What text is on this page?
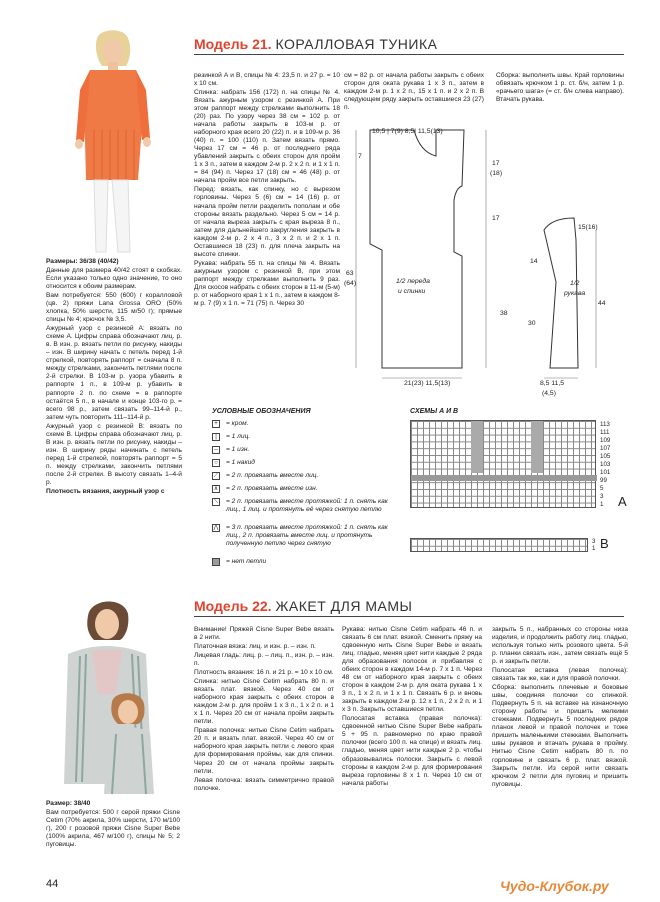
Модель 21. КОРАЛЛОВАЯ ТУНИКА

Размеры: 36/38 (40/42)

Данные для размера 40/42 стоят в скобках. Если указано только одно значение, то оно относится к обоим размерам.

Вам потребуется: 550 (600) г коралловой (цв. 2) пряжи Lana Grossa ORO (50% хлопка, 50% шерсти, 115 м/50 г); прямые спицы № 4; крючок № 3,5.

Ажурный узор с резинкой А: вязать по схеме А. Цифры справа обозначают лиц. р. в. В изн. р. вязать петли по рисунку, накиды – изн. В ширину начать с петель перед 1-й стрелкой, повторять раппорт = сначала 8 п. между стрелками, закончить петлями после 2-й стрелки. В 103-м р. узора убавить в раппорте 1 п., в 109-м р. убавить в раппорте 2 п. по схеме = в раппорте остаётся 5 п., в начале и конце 103-го р. = всего 98 р., затем связать 99–114-й р., затем чуть повторить 111–114-й р.

Ажурный узор с резинкой В: вязать по схеме В. Цифры справа обозначают лиц. р. В изн. р. вязать петли по рисунку, накиды – изн. В ширину ряды начинать с петель перед 1-й стрелкой, повторять раппорт = 5 п. между стрелками, закончить петлями после 2-й стрелки. В высоту связать 1–4-й р.

Плотность вязания, ажурный узор с

резинкой А и В, спицы № 4: 23,5 п. и 27 р. = 10 х 10 см.

Спинка: набрать 156 (172) п. на спицы № 4. Вязать ажурным узором с резинкой А. При этом раппорт между стрелками выполнить 18 (20) раз. По узору через 38 см = 102 р. от начала работы закрыть в 103-м р. от наборного края всего 20 (22) п. и в 109-м р. 36 (40) п. = 100 (110) п. Затем вязать прямо. Через 17 см = 46 р. от последнего ряда убавлений закрыть с обеих сторон для пройм 1 х 3 п., затем в каждом 2-м р. 2 х 2 п. и 1 х 1 п. = 84 (94) п. Через 17 (18) см = 46 (48) р. от начала пройм все петли закрыть.

Перед: вязать, как спинку, но с вырезом горловины. Через 5 (6) см = 14 (16) р. от начала пройм петли разделить пополам и обе стороны вязать раздельно. Через 5 см = 14 р. от начала выреза закрыть с края выреза 8 п., затем для дальнейшего закругления закрыть в каждом 2-м р. 2 х 4 п., 3 х 2 п. и 2 х 1 п. Оставшиеся 18 (23) п. для плеча закрыть на высоте спинки.

Рукава: набрать 55 п. на спицы № 4. Вязать ажурным узором с резинкой В, при этом раппорт между стрелками выполнить 9 раз. Для скосов набрать с обеих сторон в 11-м (5-м) р. от наборного края 1 х 1 п., затем в каждом 8-м р. 7 (9) х 1 п. = 71 (75) п. Через 30

см = 82 р. от начала работы закрыть с обеих сторон для оката рукава 1 х 3 п., затем в каждом 2-м р. 1 х 2 п., 15 х 1 п. и 2 х 2 п. В следующем ряду закрыть оставшиеся 23 (27) п.

Сборка: выполнить швы. Край горловины обвязать крючком 1 р. ст. б/н, затем 1 р. «рачьего шага» (= ст. б/н слева направо). Втачать рукава.

10,5 | 7(9) 8,5| 11,5(13)
7
17
(18)
17
63
(64)	1/2 переда
и спинки
38
21(23) 11,5(13)
15(16)
14
1/2
рукава
44
30
8,5 11,5
(4,5)
УСЛОВНЫЕ ОБОЗНАЧЕНИЯ
+	= кром.
|	= 1 лиц.
–	= 1 изн.
○	= 1 накид
⟋ = 2 п. провязать вместе лиц.
⊼ = 2 п. провязать вместе изн.
⟍ = 2 п. провязать вместе протяжкой: 1 п. снять как лиц., 1 лиц. и протянуть её через снятую петлю
⋀ = 3 п. провязать вместе протяжкой: 1 п. снять как лиц., 2 п. провязать вместе лиц. и протянуть полученную петлю через снятую
= нет петли
СХЕМЫ А И В
113
111
109
107
105
103
101
99
5
3
1	A
3
1 B
Модель 22. ЖАКЕТ ДЛЯ МАМЫ

Размер: 38/40

Вам потребуется: 500 г серой пряжи Cisne Cetim (70% акрила, 30% шерсти, 170 м/100 г), 200 г розовой пряжи Cisne Super Bebe (100% акрила, 467 м/100 г), спицы № 5; 2 пуговицы.

Внимание! Пряжей Cisne Super Bebe вязать в 2 нити.

Платочная вязка: лиц. и изн. р. – изн. п.

Лицевая гладь: лиц. р. – лиц. п., изн. р. – изн. п.

Плотность вязания: 16 п. и 21 р. = 10 х 10 см.

Спинка: нитью Cisne Cetim набрать 80 п. и вязать плат. вязкой. Через 40 см от наборного края закрыть с обеих сторон в каждом 2-м р. для пройм 1 х 3 п., 1 х 2 п. и 1 х 1 п. Через 20 см от начала пройм закрыть петли.

Правая полочка: нитью Cisne Cetim набрать 20 п. и вязать плат. вязкой. Через 40 см от наборного края закрыть петли с левого края для формирования проймы, как для спинки. Через 20 см от начала проймы закрыть петли.

Левая полочка: вязать симметрично правой полочке.

Рукава: нитью Cisne Cetim набрать 46 п. и связать 6 см плат. вязкой. Сменить пряжу на сдвоенную нить Cisne Super Bebe и вязать лиц. гладью, меняя цвет нити каждые 2 ряда для образования полосок и прибавляя с обеих сторон в каждом 14-м р. 7 х 1 п. Через 48 см от наборного края закрыть с обеих сторон в каждом 2-м р. для оката рукава 1 х 3 п., 1 х 2 п. и 1 х 1 п. Связать 6 р. и вновь закрыть в каждом 2-м р. 12 х 1 п., 2 х 2 п. и 1 х 3 п. Закрыть оставшиеся петли.

Полосатая вставка (правая полочка): сдвоенной нитью Cisne Super Bebe набрать 5 + 95 п. равномерно по краю правой полочки (всего 100 п. на спице) и вязать лиц. гладью, меняя цвет нити каждые 2 р. чтобы образовывались полоски. Закрыть с левой стороны в каждом 2-м р. для формирования выреза горловины 8 х 1 п. Через 10 см от начала работы

закрыть 5 п., набранных со стороны низа изделия, и продолжить работу лиц. гладью, используя только нить розового цвета. 5-й р. планки связать изн., затем связать ещё 5 р. и закрыть петли.

Полосатая вставка (левая полочка): связать так же, как и для правой полочки.

Сборка: выполнить плечевые и боковые швы, соединяя полочки со спинкой. Подвернуть 5 п. на вставке на изнаночную сторону работы и пришить мелкими стежками. Подвернуть 5 последних рядов планок левой и правой полочек и тоже пришить маленькими стежками. Выполнить швы рукавов и втачать рукава в пройму. Нитью Cisne Cetim набрать 80 п. по горловине и связать 6 р. плат. вязкой. Закрыть петли. Из серой нити связать крючком 2 петли для пуговиц и пришить пуговицы.

44	Чудо-Клубок.ру
